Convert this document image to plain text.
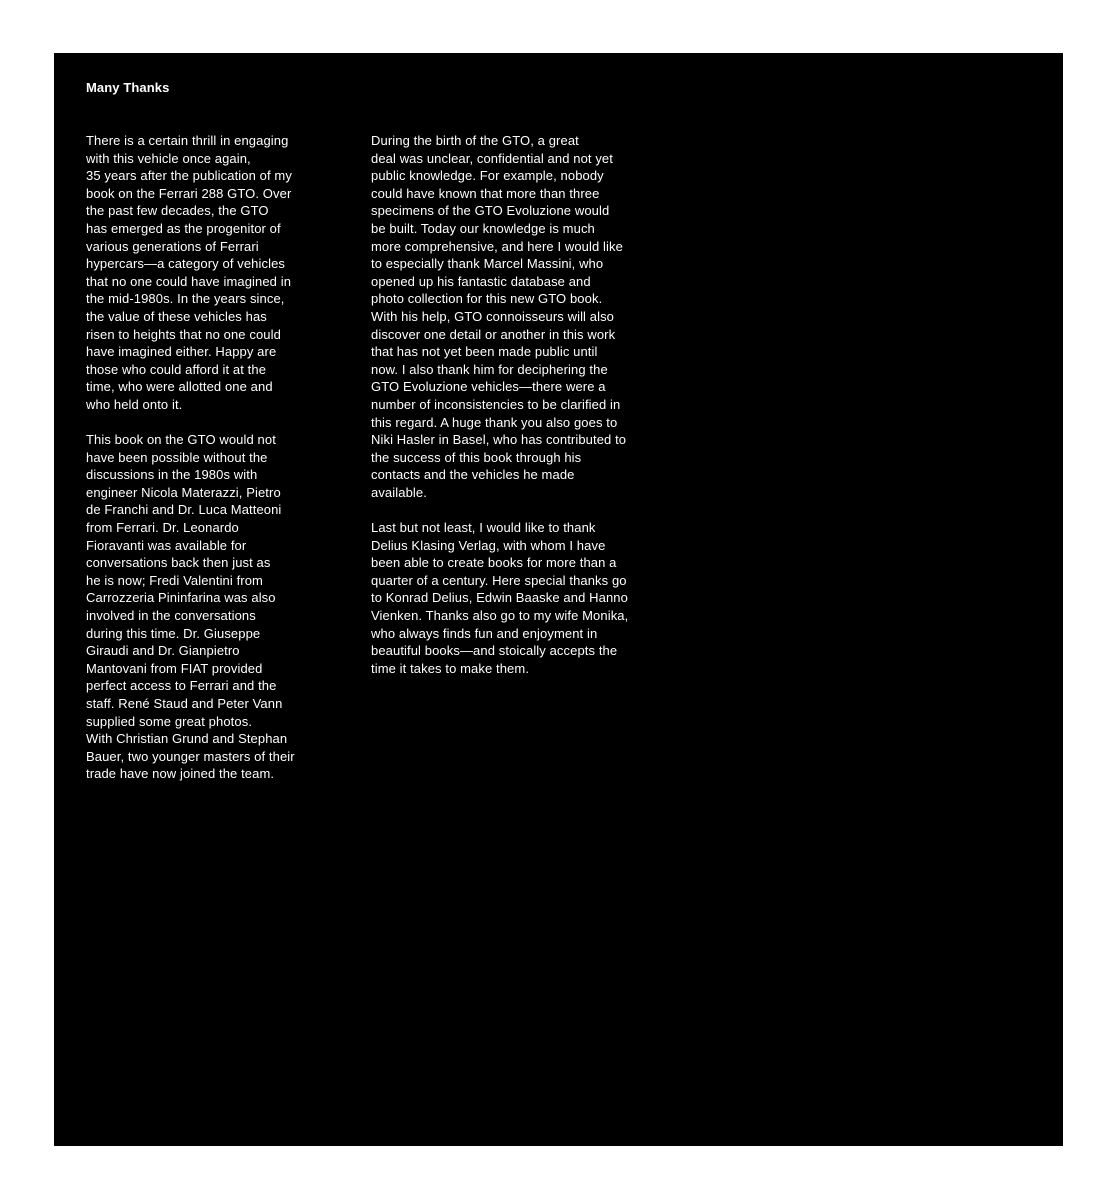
Many Thanks

There is a certain thrill in engaging
with this vehicle once again,
35 years after the publication of my
book on the Ferrari 288 GTO. Over
the past few decades, the GTO
has emerged as the progenitor of
various generations of Ferrari
hypercars—a category of vehicles
that no one could have imagined in
the mid-1980s. In the years since,
the value of these vehicles has
risen to heights that no one could
have imagined either. Happy are
those who could afford it at the
time, who were allotted one and
who held onto it.

This book on the GTO would not
have been possible without the
discussions in the 1980s with
engineer Nicola Materazzi, Pietro
de Franchi and Dr. Luca Matteoni
from Ferrari. Dr. Leonardo
Fioravanti was available for
conversations back then just as
he is now; Fredi Valentini from
Carrozzeria Pininfarina was also
involved in the conversations
during this time. Dr. Giuseppe
Giraudi and Dr. Gianpietro
Mantovani from FIAT provided
perfect access to Ferrari and the
staff. René Staud and Peter Vann
supplied some great photos.
With Christian Grund and Stephan
Bauer, two younger masters of their
trade have now joined the team.

During the birth of the GTO, a great
deal was unclear, confidential and not yet
public knowledge. For example, nobody
could have known that more than three
specimens of the GTO Evoluzione would
be built. Today our knowledge is much
more comprehensive, and here I would like
to especially thank Marcel Massini, who
opened up his fantastic database and
photo collection for this new GTO book.
With his help, GTO connoisseurs will also
discover one detail or another in this work
that has not yet been made public until
now. I also thank him for deciphering the
GTO Evoluzione vehicles—there were a
number of inconsistencies to be clarified in
this regard. A huge thank you also goes to
Niki Hasler in Basel, who has contributed to
the success of this book through his
contacts and the vehicles he made
available.

Last but not least, I would like to thank
Delius Klasing Verlag, with whom I have
been able to create books for more than a
quarter of a century. Here special thanks go
to Konrad Delius, Edwin Baaske and Hanno
Vienken. Thanks also go to my wife Monika,
who always finds fun and enjoyment in
beautiful books—and stoically accepts the
time it takes to make them.
